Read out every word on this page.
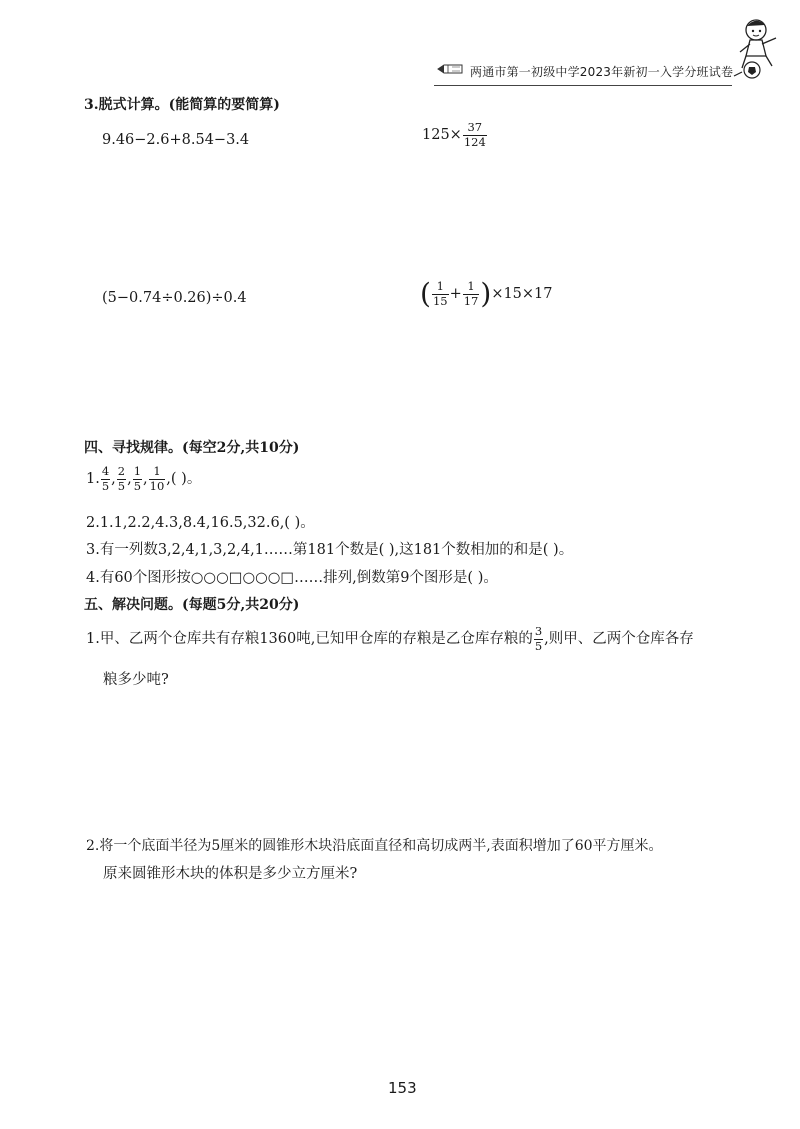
两通市第一初级中学2023年新初一入学分班试卷
3.脱式计算。(能简算的要简算)
9.46−2.6+8.54−3.4	$125\times \frac{37}{124}$
(5−0.74÷0.26)÷0.4	( $\frac{1}{15} + \frac{1}{17} )\times 15\times 17$
四、寻找规律。(每空2分,共10分)
1. $\frac{4}{5}$ , $\frac{2}{5}$ , $\frac{1}{5}$ , $\frac{1}{10}$ ,( )。
2.1.1,2.2,4.3,8.4,16.5,32.6,( )。
3.有一列数3,2,4,1,3,2,4,1……第181个数是( ),这181个数相加的和是( )。
4.有60个图形按○○○□○○○□……排列,倒数第9个图形是( )。
五、解决问题。(每题5分,共20分)
1.甲、乙两个仓库共有存粮1360吨,已知甲仓库的存粮是乙仓库存粮的 $\frac{3}{5}$ ,则甲、乙两个仓库各存
粮多少吨?
2.将一个底面半径为5厘米的圆锥形木块沿底面直径和高切成两半,表面积增加了60平方厘米。
原来圆锥形木块的体积是多少立方厘米?
153
